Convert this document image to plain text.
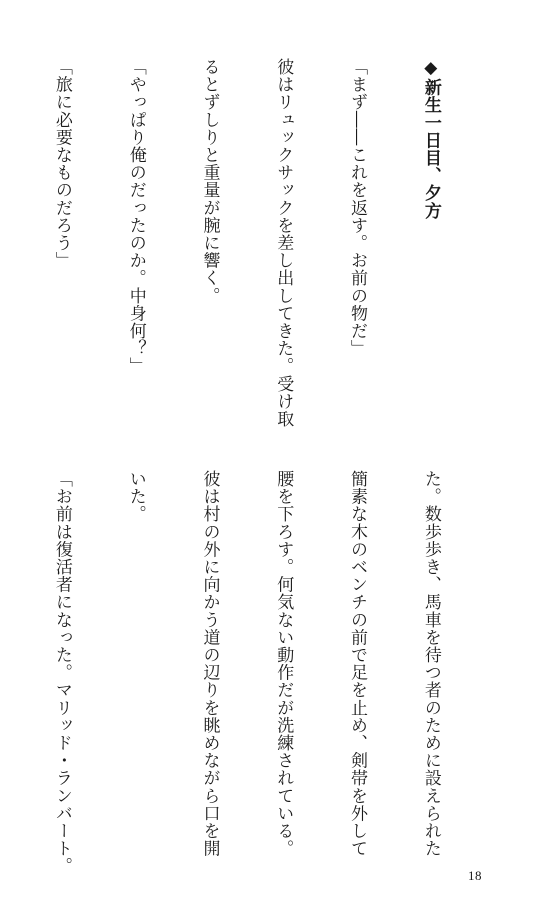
◆新生一日目、夕方

「まず――これを返す。お前の物だ」

彼はリュックサックを差し出してきた。受け取

るとずしりと重量が腕に響く。

「やっぱり俺のだったのか。中身何？」

「旅に必要なものだろう」

た。数歩歩き、馬車を待つ者のために設えられた

簡素な木のベンチの前で足を止め、剣帯を外して

腰を下ろす。何気ない動作だが洗練されている。

彼は村の外に向かう道の辺りを眺めながら口を開

いた。

「お前は復活者になった。マリッド・ランバート。

18
